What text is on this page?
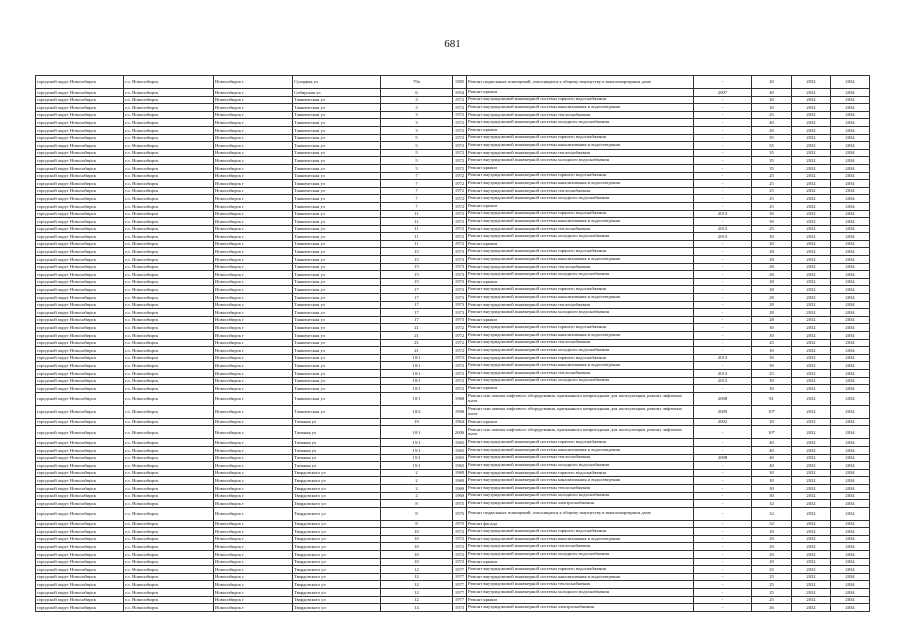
681
городской округ Новосибирск	г.о. Новосибирск	Новосибирск г	Сухарная ул	70а	1985	Ремонт подвальных помещений, относящихся к общему имуществу в многоквартирном доме	-	20	2032	2034
городской округ Новосибирск	г.о. Новосибирск	Новосибирск г	Сибирская ул	6	1954	Ремонт крыши	2007	40	2032	2034
городской округ Новосибирск	г.о. Новосибирск	Новосибирск г	Ташкентская ул	3	1972	Ремонт внутридомовой инженерной системы горячего водоснабжения	-	30	2032	2034
городской округ Новосибирск	г.о. Новосибирск	Новосибирск г	Ташкентская ул	3	1972	Ремонт внутридомовой инженерной системы канализования и водоотведения	-	30	2032	2034
городской округ Новосибирск	г.о. Новосибирск	Новосибирск г	Ташкентская ул	3	1972	Ремонт внутридомовой инженерной системы теплоснабжения	-	25	2032	2034
городской округ Новосибирск	г.о. Новосибирск	Новосибирск г	Ташкентская ул	3	1972	Ремонт внутридомовой инженерной системы холодного водоснабжения	-	40	2032	2034
городской округ Новосибирск	г.о. Новосибирск	Новосибирск г	Ташкентская ул	3	1972	Ремонт крыши	-	20	2032	2034
городской округ Новосибирск	г.о. Новосибирск	Новосибирск г	Ташкентская ул	5	1972	Ремонт внутридомовой инженерной системы горячего водоснабжения	-	35	2032	2034
городской округ Новосибирск	г.о. Новосибирск	Новосибирск г	Ташкентская ул	5	1972	Ремонт внутридомовой инженерной системы канализования и водоотведения	-	35	2032	2034
городской округ Новосибирск	г.о. Новосибирск	Новосибирск г	Ташкентская ул	5	1972	Ремонт внутридомовой инженерной системы теплоснабжения	-	35	2032	2034
городской округ Новосибирск	г.о. Новосибирск	Новосибирск г	Ташкентская ул	5	1972	Ремонт внутридомовой инженерной системы холодного водоснабжения	-	35	2032	2034
городской округ Новосибирск	г.о. Новосибирск	Новосибирск г	Ташкентская ул	5	1972	Ремонт крыши	-	35	2032	2034
городской округ Новосибирск	г.о. Новосибирск	Новосибирск г	Ташкентская ул	7	1972	Ремонт внутридомовой инженерной системы горячего водоснабжения	-	25	2032	2034
городской округ Новосибирск	г.о. Новосибирск	Новосибирск г	Ташкентская ул	7	1972	Ремонт внутридомовой инженерной системы канализования и водоотведения	-	25	2032	2034
городской округ Новосибирск	г.о. Новосибирск	Новосибирск г	Ташкентская ул	7	1972	Ремонт внутридомовой инженерной системы теплоснабжения	-	25	2032	2034
городской округ Новосибирск	г.о. Новосибирск	Новосибирск г	Ташкентская ул	7	1972	Ремонт внутридомовой инженерной системы холодного водоснабжения	-	25	2032	2034
городской округ Новосибирск	г.о. Новосибирск	Новосибирск г	Ташкентская ул	7	1972	Ремонт крыши	-	25	2032	2034
городской округ Новосибирск	г.о. Новосибирск	Новосибирск г	Ташкентская ул	11	1972	Ремонт внутридомовой инженерной системы горячего водоснабжения	2013	30	2032	2034
городской округ Новосибирск	г.о. Новосибирск	Новосибирск г	Ташкентская ул	11	1972	Ремонт внутридомовой инженерной системы канализования и водоотведения	-	30	2032	2034
городской округ Новосибирск	г.о. Новосибирск	Новосибирск г	Ташкентская ул	11	1972	Ремонт внутридомовой инженерной системы теплоснабжения	2013	25	2032	2034
городской округ Новосибирск	г.о. Новосибирск	Новосибирск г	Ташкентская ул	11	1972	Ремонт внутридомовой инженерной системы холодного водоснабжения	2013	30	2032	2034
городской округ Новосибирск	г.о. Новосибирск	Новосибирск г	Ташкентская ул	11	1972	Ремонт крыши	-	30	2032	2034
городской округ Новосибирск	г.о. Новосибирск	Новосибирск г	Ташкентская ул	15	1973	Ремонт внутридомовой инженерной системы горячего водоснабжения	-	28	2032	2034
городской округ Новосибирск	г.о. Новосибирск	Новосибирск г	Ташкентская ул	15	1973	Ремонт внутридомовой инженерной системы канализования и водоотведения	-	28	2032	2034
городской округ Новосибирск	г.о. Новосибирск	Новосибирск г	Ташкентская ул	15	1973	Ремонт внутридомовой инженерной системы теплоснабжения	-	28	2032	2034
городской округ Новосибирск	г.о. Новосибирск	Новосибирск г	Ташкентская ул	15	1973	Ремонт внутридомовой инженерной системы холодного водоснабжения	-	28	2032	2034
городской округ Новосибирск	г.о. Новосибирск	Новосибирск г	Ташкентская ул	15	1973	Ремонт крыши	-	28	2032	2034
городской округ Новосибирск	г.о. Новосибирск	Новосибирск г	Ташкентская ул	17	1973	Ремонт внутридомовой инженерной системы горячего водоснабжения	-	28	2032	2034
городской округ Новосибирск	г.о. Новосибирск	Новосибирск г	Ташкентская ул	17	1973	Ремонт внутридомовой инженерной системы канализования и водоотведения	-	28	2032	2034
городской округ Новосибирск	г.о. Новосибирск	Новосибирск г	Ташкентская ул	17	1973	Ремонт внутридомовой инженерной системы теплоснабжения	-	28	2032	2034
городской округ Новосибирск	г.о. Новосибирск	Новосибирск г	Ташкентская ул	17	1973	Ремонт внутридомовой инженерной системы холодного водоснабжения	-	28	2032	2034
городской округ Новосибирск	г.о. Новосибирск	Новосибирск г	Ташкентская ул	17	1973	Ремонт крыши	-	28	2032	2034
городской округ Новосибирск	г.о. Новосибирск	Новосибирск г	Ташкентская ул	21	1972	Ремонт внутридомовой инженерной системы горячего водоснабжения	-	30	2032	2034
городской округ Новосибирск	г.о. Новосибирск	Новосибирск г	Ташкентская ул	21	1972	Ремонт внутридомовой инженерной системы канализования и водоотведения	-	30	2032	2034
городской округ Новосибирск	г.о. Новосибирск	Новосибирск г	Ташкентская ул	21	1972	Ремонт внутридомовой инженерной системы теплоснабжения	-	25	2032	2034
городской округ Новосибирск	г.о. Новосибирск	Новосибирск г	Ташкентская ул	21	1972	Ремонт внутридомовой инженерной системы холодного водоснабжения	-	30	2032	2034
городской округ Новосибирск	г.о. Новосибирск	Новосибирск г	Ташкентская ул	10/1	1972	Ремонт внутридомовой инженерной системы горячего водоснабжения	2013	30	2032	2034
городской округ Новосибирск	г.о. Новосибирск	Новосибирск г	Ташкентская ул	10/1	1972	Ремонт внутридомовой инженерной системы канализования и водоотведения	-	30	2032	2034
городской округ Новосибирск	г.о. Новосибирск	Новосибирск г	Ташкентская ул	10/1	1972	Ремонт внутридомовой инженерной системы теплоснабжения	2013	25	2032	2034
городской округ Новосибирск	г.о. Новосибирск	Новосибирск г	Ташкентская ул	10/1	1972	Ремонт внутридомовой инженерной системы холодного водоснабжения	2013	30	2032	2034
городской округ Новосибирск	г.о. Новосибирск	Новосибирск г	Ташкентская ул	10/1	1972	Ремонт крыши	-	30	2032	2034
городской округ Новосибирск	г.о. Новосибирск	Новосибирск г	Ташкентская ул	10/1	1968	Ремонт или замена лифтового оборудования, признанного непригодным для эксплуатации, ремонт лифтовых шахт	2008	81	2032	2034
городской округ Новосибирск	г.о. Новосибирск	Новосибирск г	Ташкентская ул	10/2	1990	Ремонт или замена лифтового оборудования, признанного непригодным для эксплуатации, ремонт лифтовых шахт	2009	10*	2032	2034
городской округ Новосибирск	г.о. Новосибирск	Новосибирск г	Таежная ул	19	1964	Ремонт крыши	2002	29	2032	2034
городской округ Новосибирск	г.о. Новосибирск	Новосибирск г	Таежная ул	10/1	2006	Ремонт или замена лифтового оборудования, признанного непригодным для эксплуатации, ремонт лифтовых шахт	-	10*	2032	2034
городской округ Новосибирск	г.о. Новосибирск	Новосибирск г	Таежная ул	15/1	1965	Ремонт внутридомовой инженерной системы горячего водоснабжения	-	40	2032	2034
городской округ Новосибирск	г.о. Новосибирск	Новосибирск г	Таежная ул	15/1	1965	Ремонт внутридомовой инженерной системы канализования и водоотведения	-	40	2032	2034
городской округ Новосибирск	г.о. Новосибирск	Новосибирск г	Таежная ул	15/1	1965	Ремонт внутридомовой инженерной системы теплоснабжения	2008	40	2032	2034
городской округ Новосибирск	г.о. Новосибирск	Новосибирск г	Таежная ул	15/1	1965	Ремонт внутридомовой инженерной системы холодного водоснабжения	-	40	2032	2034
городской округ Новосибирск	г.о. Новосибирск	Новосибирск г	Твардовского ул	2	1969	Ремонт внутридомовой инженерной системы горячего водоснабжения	-	30	2032	2034
городской округ Новосибирск	г.о. Новосибирск	Новосибирск г	Твардовского ул	2	1969	Ремонт внутридомовой инженерной системы канализования и водоотведения	-	30	2032	2034
городской округ Новосибирск	г.о. Новосибирск	Новосибирск г	Твардовского ул	2	1969	Ремонт внутридомовой инженерной системы теплоснабжения	-	30	2032	2034
городской округ Новосибирск	г.о. Новосибирск	Новосибирск г	Твардовского ул	2	1969	Ремонт внутридомовой инженерной системы холодного водоснабжения	-	30	2032	2034
городской округ Новосибирск	г.о. Новосибирск	Новосибирск г	Твардовского ул	8	1975	Ремонт внутридомовой инженерной системы электроснабжения	-	32	2032	2034
городской округ Новосибирск	г.о. Новосибирск	Новосибирск г	Твардовского ул	8	1975	Ремонт подвальных помещений, относящихся к общему имуществу в многоквартирном доме	-	32	2032	2034
городской округ Новосибирск	г.о. Новосибирск	Новосибирск г	Твардовского ул	8	1975	Ремонт фасада	-	32	2032	2034
городской округ Новосибирск	г.о. Новосибирск	Новосибирск г	Твардовского ул	10	1972	Ремонт внутридомовой инженерной системы горячего водоснабжения	-	29	2032	2034
городской округ Новосибирск	г.о. Новосибирск	Новосибирск г	Твардовского ул	10	1972	Ремонт внутридомовой инженерной системы канализования и водоотведения	-	29	2032	2034
городской округ Новосибирск	г.о. Новосибирск	Новосибирск г	Твардовского ул	10	1972	Ремонт внутридомовой инженерной системы теплоснабжения	-	29	2032	2034
городской округ Новосибирск	г.о. Новосибирск	Новосибирск г	Твардовского ул	10	1972	Ремонт внутридомовой инженерной системы холодного водоснабжения	-	29	2032	2034
городской округ Новосибирск	г.о. Новосибирск	Новосибирск г	Твардовского ул	10	1972	Ремонт крыши	-	29	2032	2034
городской округ Новосибирск	г.о. Новосибирск	Новосибирск г	Твардовского ул	12	1977	Ремонт внутридомовой инженерной системы горячего водоснабжения	-	25	2032	2034
городской округ Новосибирск	г.о. Новосибирск	Новосибирск г	Твардовского ул	12	1977	Ремонт внутридомовой инженерной системы канализования и водоотведения	-	25	2032	2034
городской округ Новосибирск	г.о. Новосибирск	Новосибирск г	Твардовского ул	12	1977	Ремонт внутридомовой инженерной системы теплоснабжения	-	25	2032	2034
городской округ Новосибирск	г.о. Новосибирск	Новосибирск г	Твардовского ул	12	1977	Ремонт внутридомовой инженерной системы холодного водоснабжения	-	25	2032	2034
городской округ Новосибирск	г.о. Новосибирск	Новосибирск г	Твардовского ул	12	1977	Ремонт крыши	-	25	2032	2034
городской округ Новосибирск	г.о. Новосибирск	Новосибирск г	Твардовского ул	14	1973	Ремонт внутридомовой инженерной системы электроснабжения	-	26	2032	2034
